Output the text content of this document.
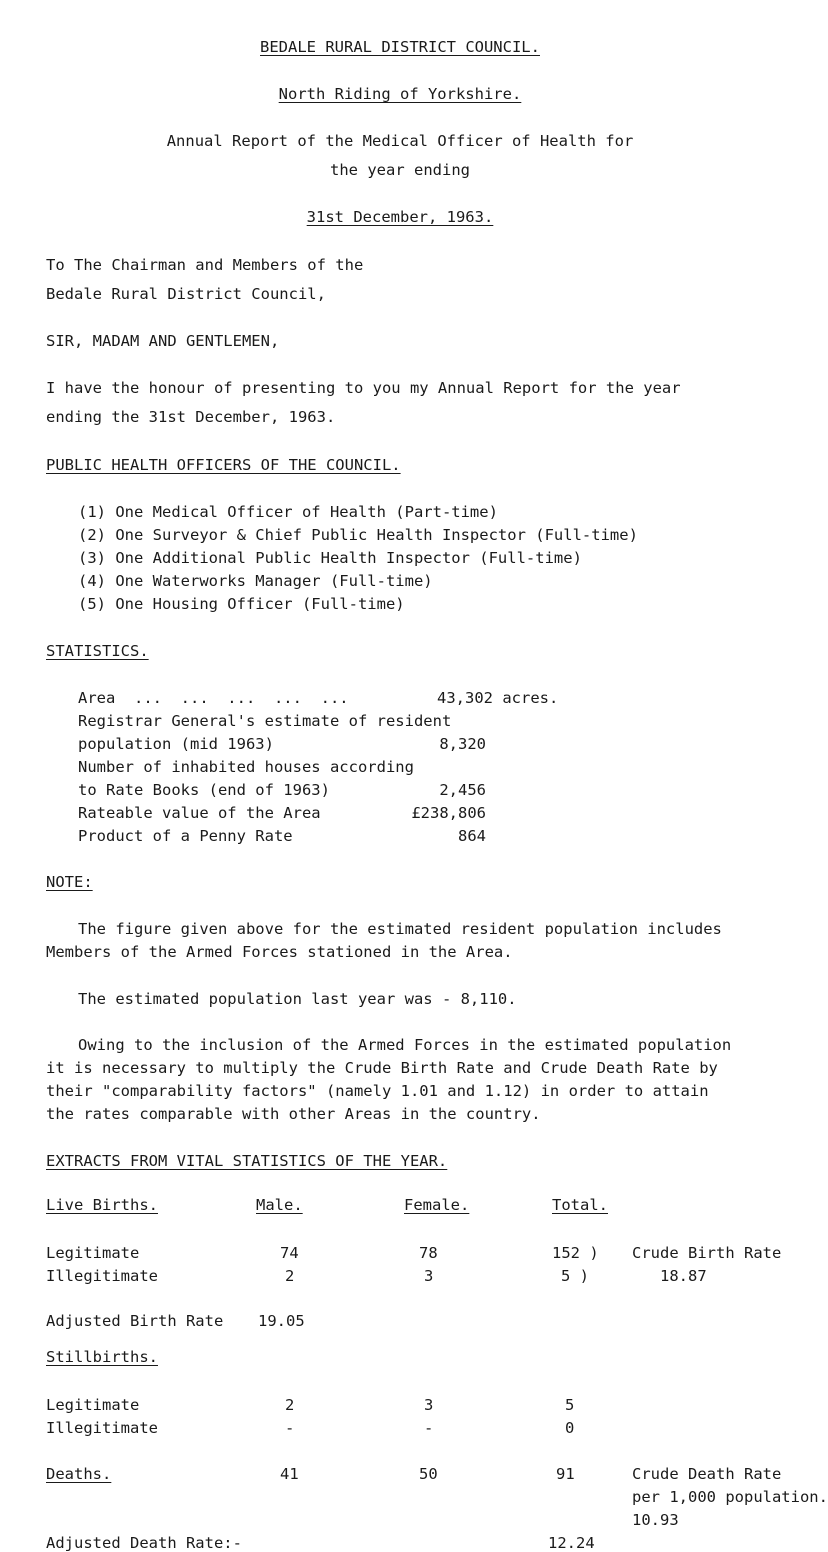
BEDALE RURAL DISTRICT COUNCIL.
North Riding of Yorkshire.
Annual Report of the Medical Officer of Health for
the year ending
31st December, 1963.
To The Chairman and Members of the
Bedale Rural District Council,
SIR, MADAM AND GENTLEMEN,
I have the honour of presenting to you my Annual Report for the year
ending the 31st December, 1963.
PUBLIC HEALTH OFFICERS OF THE COUNCIL.
(1) One Medical Officer of Health (Part-time)
(2) One Surveyor & Chief Public Health Inspector (Full-time)
(3) One Additional Public Health Inspector (Full-time)
(4) One Waterworks Manager (Full-time)
(5) One Housing Officer (Full-time)
STATISTICS.
Area  ...  ...  ...  ...  ...	43,302 acres.
Registrar General's estimate of resident
population (mid 1963)	8,320
Number of inhabited houses according
to Rate Books (end of 1963)	2,456
Rateable value of the Area	£238,806
Product of a Penny Rate	864
NOTE:
The figure given above for the estimated resident population includes
Members of the Armed Forces stationed in the Area.
The estimated population last year was - 8,110.
Owing to the inclusion of the Armed Forces in the estimated population
it is necessary to multiply the Crude Birth Rate and Crude Death Rate by
their "comparability factors" (namely 1.01 and 1.12) in order to attain
the rates comparable with other Areas in the country.
EXTRACTS FROM VITAL STATISTICS OF THE YEAR.
Live Births.	Male.	Female.	Total.
Legitimate	74	78	152 ) Crude Birth Rate
Illegitimate	2	3	5 )	18.87
Adjusted Birth Rate 19.05
Stillbirths.
Legitimate	2	3	5
Illegitimate	-	-	0
Deaths.	41	50	91	Crude Death Rate
per 1,000 population.
10.93
Adjusted Death Rate:-	12.24
